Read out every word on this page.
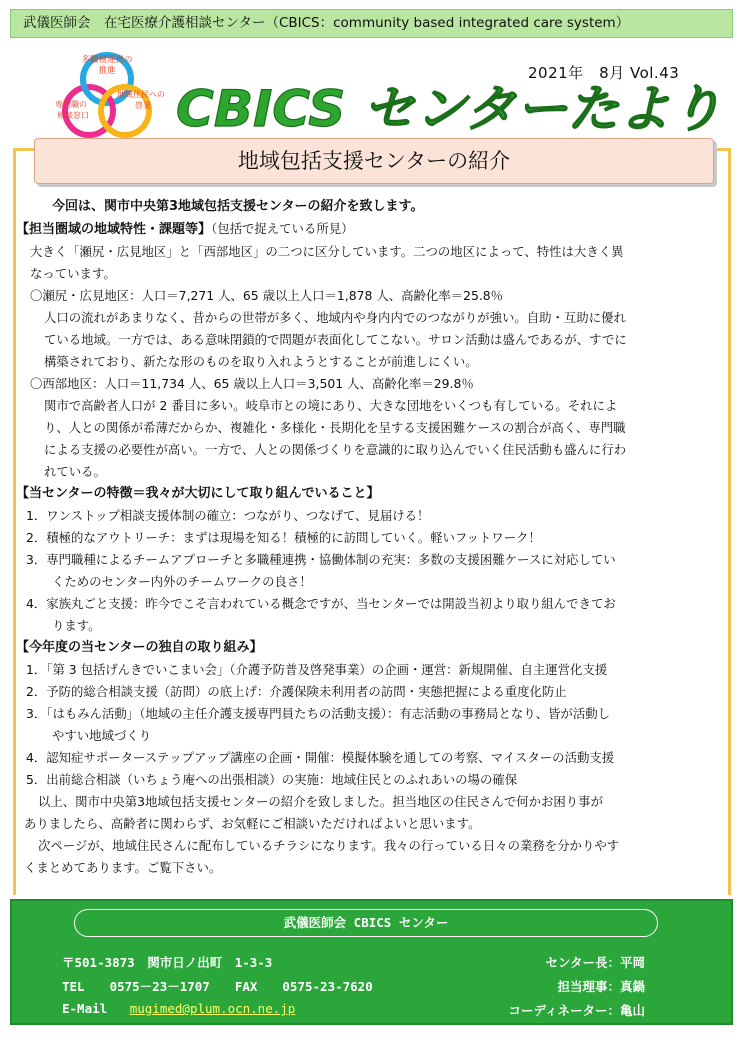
武儀医師会　在宅医療介護相談センター（CBICS：community based integrated care system）
多職種連携の
推進
専門職の
相談窓口
地域住民への
啓発
2021年　8月 Vol.43
CBICS センターたより
地域包括支援センターの紹介

今回は、関市中央第3地域包括支援センターの紹介を致します。

【担当圏域の地域特性・課題等】（包括で捉えている所見）

大きく「瀬尻・広見地区」と「西部地区」の二つに区分しています。二つの地区によって、特性は大きく異

なっています。

〇瀬尻・広見地区：人口＝7,271 人、65 歳以上人口＝1,878 人、高齢化率＝25.8％

人口の流れがあまりなく、昔からの世帯が多く、地域内や身内内でのつながりが強い。自助・互助に優れ

ている地域。一方では、ある意味閉鎖的で問題が表面化してこない。サロン活動は盛んであるが、すでに

構築されており、新たな形のものを取り入れようとすることが前進しにくい。

〇西部地区：人口＝11,734 人、65 歳以上人口＝3,501 人、高齢化率＝29.8％

関市で高齢者人口が 2 番目に多い。岐阜市との境にあり、大きな団地をいくつも有している。それによ

り、人との関係が希薄だからか、複雑化・多様化・長期化を呈する支援困難ケースの割合が高く、専門職

による支援の必要性が高い。一方で、人との関係づくりを意識的に取り込んでいく住民活動も盛んに行わ

れている。

【当センターの特徴＝我々が大切にして取り組んでいること】

1．ワンストップ相談支援体制の確立：つながり、つなげて、見届ける！

2．積極的なアウトリーチ：まずは現場を知る！積極的に訪問していく。軽いフットワーク！

3．専門職種によるチームアプローチと多職種連携・協働体制の充実：多数の支援困難ケースに対応してい

くためのセンター内外のチームワークの良さ！

4．家族丸ごと支援：昨今でこそ言われている概念ですが、当センターでは開設当初より取り組んできてお

ります。

【今年度の当センターの独自の取り組み】

1．「第 3 包括げんきでいこまい会」（介護予防普及啓発事業）の企画・運営：新規開催、自主運営化支援

2．予防的総合相談支援（訪問）の底上げ：介護保険未利用者の訪問・実態把握による重度化防止

3．「はもみん活動」（地域の主任介護支援専門員たちの活動支援）：有志活動の事務局となり、皆が活動し

やすい地域づくり

4．認知症サポーターステップアップ講座の企画・開催：模擬体験を通しての考察、マイスターの活動支援

5．出前総合相談（いちょう庵への出張相談）の実施：地域住民とのふれあいの場の確保

以上、関市中央第3地域包括支援センターの紹介を致しました。担当地区の住民さんで何かお困り事が

ありましたら、高齢者に関わらず、お気軽にご相談いただければよいと思います。

次ページが、地域住民さんに配布しているチラシになります。我々の行っている日々の業務を分かりやす

くまとめてあります。ご覧下さい。

武儀医師会 CBICS センター
〒501-3873　関市日ノ出町　1-3-3
TEL　　0575－23－1707　　FAX　　0575-23-7620
E-Mail mugimed@plum.ocn.ne.jp
センター長：平岡
担当理事：真鍋
コーディネーター：亀山
